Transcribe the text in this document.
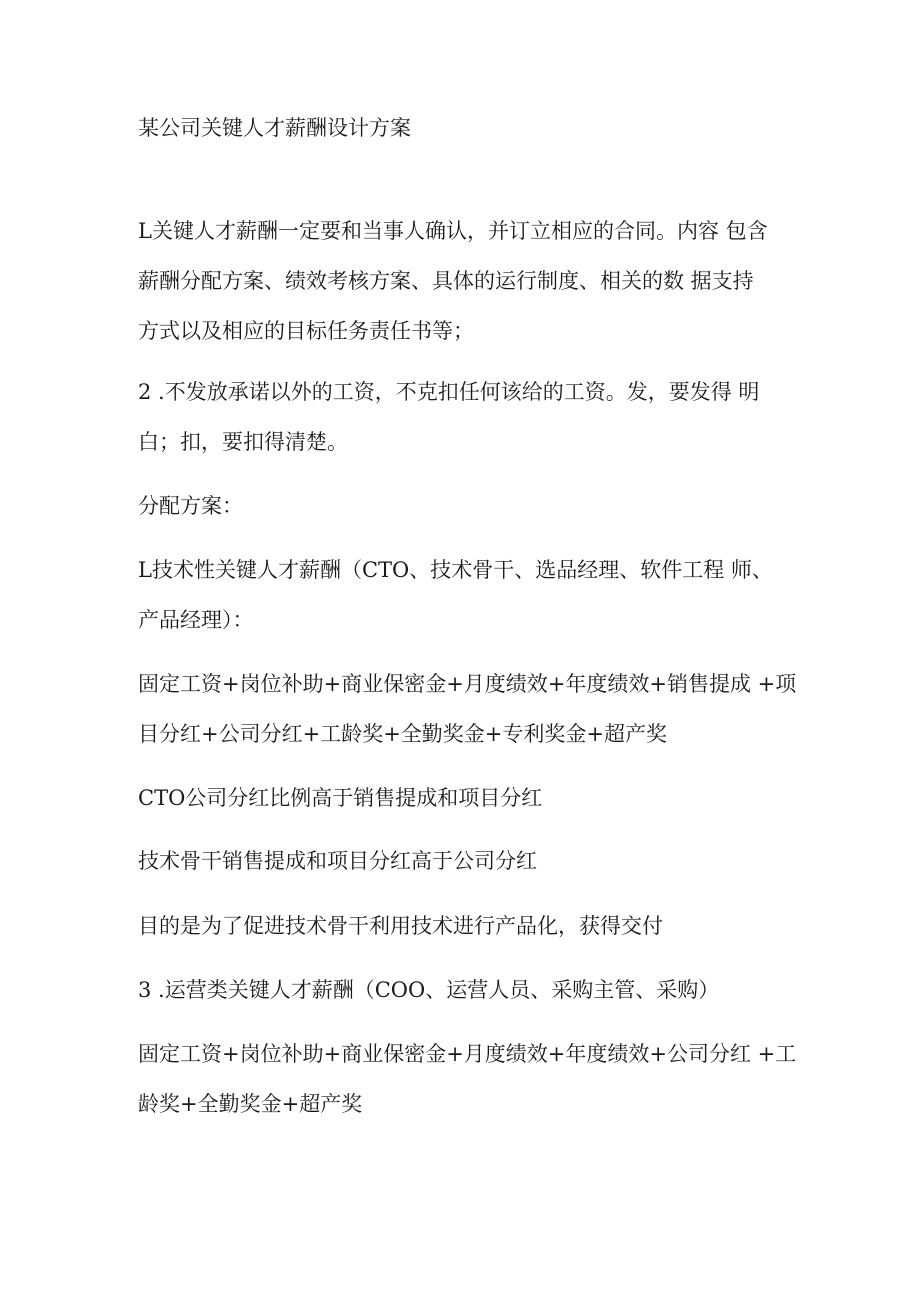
某公司关键人才薪酬设计方案

L关键人才薪酬一定要和当事人确认，并订立相应的合同。内容 包含
薪酬分配方案、绩效考核方案、具体的运行制度、相关的数 据支持
方式以及相应的目标任务责任书等；

2 .不发放承诺以外的工资，不克扣任何该给的工资。发，要发得 明
白；扣，要扣得清楚。

分配方案：

L技术性关键人才薪酬（CTO、技术骨干、选品经理、软件工程 师、
产品经理）：

固定工资+岗位补助+商业保密金+月度绩效+年度绩效+销售提成 +项
目分红+公司分红+工龄奖+全勤奖金+专利奖金+超产奖

CTO公司分红比例高于销售提成和项目分红

技术骨干销售提成和项目分红高于公司分红

目的是为了促进技术骨干利用技术进行产品化，获得交付

3 .运营类关键人才薪酬（COO、运营人员、采购主管、采购）

固定工资+岗位补助+商业保密金+月度绩效+年度绩效+公司分红 +工
龄奖+全勤奖金+超产奖
